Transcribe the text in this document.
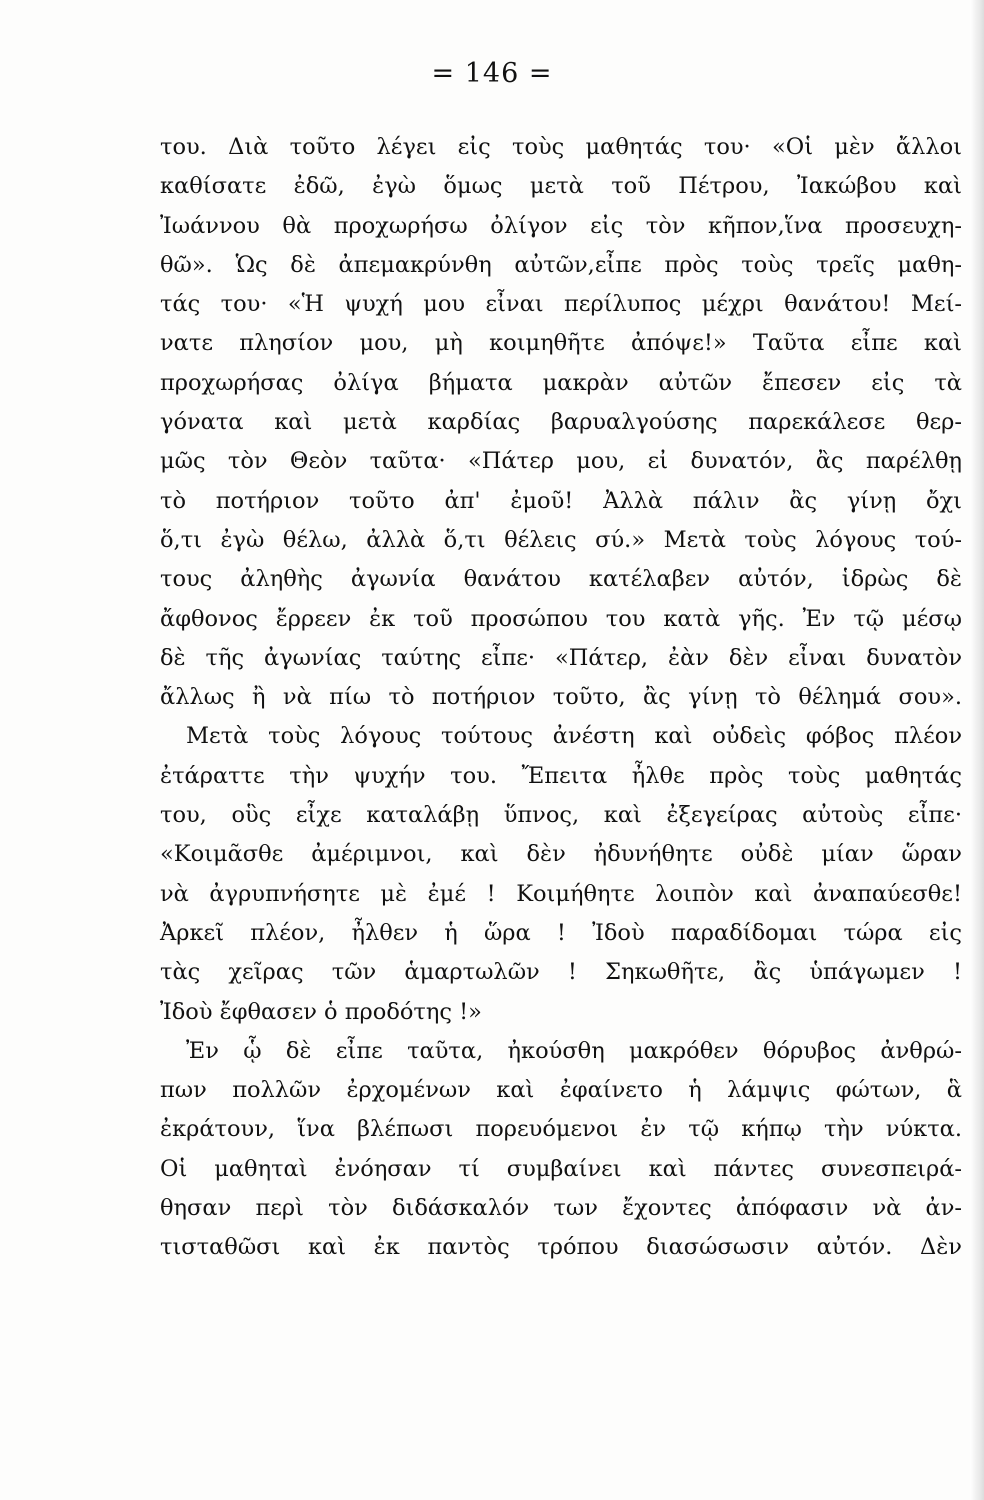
= 146 =
του. Διὰ τοῦτο λέγει εἰς τοὺς μαθητάς του· «Οἱ μὲν ἄλλοι
καθίσατε ἐδῶ, ἐγὼ ὅμως μετὰ τοῦ Πέτρου, Ἰακώβου καὶ
Ἰωάννου θὰ προχωρήσω ὀλίγον εἰς τὸν κῆπον,ἵνα προσευχη-
θῶ». Ὡς δὲ ἀπεμακρύνθη αὐτῶν,εἶπε πρὸς τοὺς τρεῖς μαθη-
τάς του· «Ἡ ψυχή μου εἶναι περίλυπος μέχρι θανάτου! Μεί-
νατε πλησίον μου, μὴ κοιμηθῆτε ἀπόψε!» Ταῦτα εἶπε καὶ
προχωρήσας ὀλίγα βήματα μακρὰν αὐτῶν ἔπεσεν εἰς τὰ
γόνατα καὶ μετὰ καρδίας βαρυαλγούσης παρεκάλεσε θερ-
μῶς τὸν Θεὸν ταῦτα· «Πάτερ μου, εἰ δυνατόν, ἂς παρέλθῃ
τὸ ποτήριον τοῦτο ἀπ' ἐμοῦ! Ἀλλὰ πάλιν ἂς γίνῃ ὄχι
ὅ,τι ἐγὼ θέλω, ἀλλὰ ὅ,τι θέλεις σύ.» Μετὰ τοὺς λόγους τού-
τους ἀληθὴς ἀγωνία θανάτου κατέλαβεν αὐτόν, ἱδρὼς δὲ
ἄφθονος ἔρρεεν ἐκ τοῦ προσώπου του κατὰ γῆς. Ἐν τῷ μέσῳ
δὲ τῆς ἀγωνίας ταύτης εἶπε· «Πάτερ, ἐὰν δὲν εἶναι δυνατὸν
ἄλλως ἢ νὰ πίω τὸ ποτήριον τοῦτο, ἂς γίνῃ τὸ θέλημά σου».
Μετὰ τοὺς λόγους τούτους ἀνέστη καὶ οὐδεὶς φόβος πλέον
ἐτάραττε τὴν ψυχήν του. Ἔπειτα ἦλθε πρὸς τοὺς μαθητάς
του, οὓς εἶχε καταλάβῃ ὕπνος, καὶ ἐξεγείρας αὐτοὺς εἶπε·
«Κοιμᾶσθε ἀμέριμνοι, καὶ δὲν ἠδυνήθητε οὐδὲ μίαν ὥραν
νὰ ἀγρυπνήσητε μὲ ἐμέ ! Κοιμήθητε λοιπὸν καὶ ἀναπαύεσθε!
Ἀρκεῖ πλέον, ἦλθεν ἡ ὥρα ! Ἰδοὺ παραδίδομαι τώρα εἰς
τὰς χεῖρας τῶν ἁμαρτωλῶν ! Σηκωθῆτε, ἂς ὑπάγωμεν !
Ἰδοὺ ἔφθασεν ὁ προδότης !»
Ἐν ᾧ δὲ εἶπε ταῦτα, ἠκούσθη μακρόθεν θόρυβος ἀνθρώ-
πων πολλῶν ἐρχομένων καὶ ἐφαίνετο ἡ λάμψις φώτων, ἃ
ἐκράτουν, ἵνα βλέπωσι πορευόμενοι ἐν τῷ κήπῳ τὴν νύκτα.
Οἱ μαθηταὶ ἐνόησαν τί συμβαίνει καὶ πάντες συνεσπειρά-
θησαν περὶ τὸν διδάσκαλόν των ἔχοντες ἀπόφασιν νὰ ἀν-
τισταθῶσι καὶ ἐκ παντὸς τρόπου διασώσωσιν αὐτόν. Δὲν
